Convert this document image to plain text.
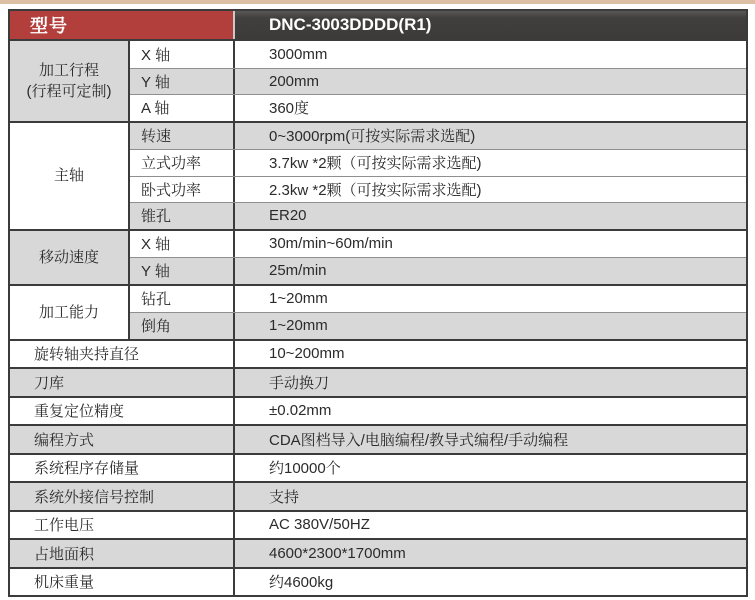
型号	DNC-3003DDDD(R1)
加工行程
(行程可定制)
X 轴	3000mm
Y 轴	200mm
A 轴	360度
主轴
转速	0~3000rpm(可按实际需求选配)
立式功率	3.7kw *2颗（可按实际需求选配)
卧式功率	2.3kw *2颗（可按实际需求选配)
锥孔	ER20
移动速度
X 轴	30m/min~60m/min
Y 轴	25m/min
加工能力
钻孔	1~20mm
倒角	1~20mm
旋转轴夹持直径	10~200mm
刀库	手动换刀
重复定位精度	±0.02mm
编程方式	CDA图档导入/电脑编程/教导式编程/手动编程
系统程序存储量	约10000个
系统外接信号控制	支持
工作电压	AC 380V/50HZ
占地面积	4600*2300*1700mm
机床重量	约4600kg
